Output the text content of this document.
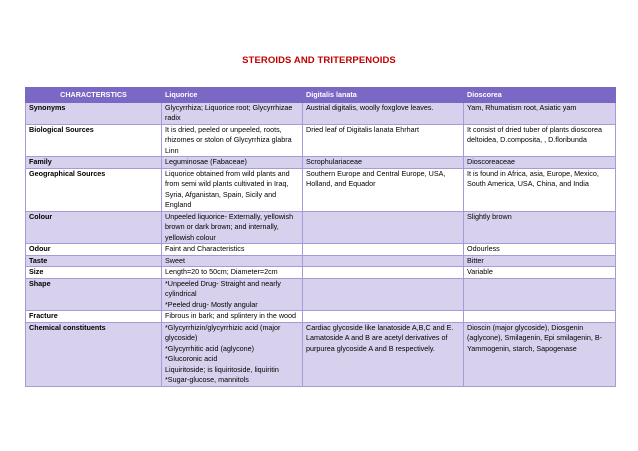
STEROIDS AND TRITERPENOIDS
CHARACTERSTICS	Liquorice	Digitalis lanata	Dioscorea
Synonyms	Glycyrrhiza; Liquorice root; Glycyrrhizae radix	Austrial digitalis, woolly foxglove leaves.	Yam, Rhumatism root, Asiatic yam
Biological Sources	It is dried, peeled or unpeeled, roots, rhizomes or stolon of Glycyrrhiza glabra Linn	Dried leaf of Digitalis lanata Ehrhart	It consist of dried tuber of plants dioscorea deltoidea, D.composita, , D.floribunda
Family	Leguminosae (Fabaceae)	Scrophulariaceae	Dioscoreaceae
Geographical Sources	Liquorice obtained from wild plants and from semi wild plants cultivated in Iraq, Syria, Afganistan, Spain, Sicily and England	Southern Europe and Central Europe, USA, Holland, and Equador	It is found in Africa, asia, Europe, Mexico, South America, USA, China, and India
Colour	Unpeeled liquorice- Externally, yellowish brown or dark brown; and internally, yellowish colour		Slightly brown
Odour	Faint and Characteristics		Odourless
Taste	Sweet		Bitter
Size	Length=20 to 50cm; Diameter=2cm		Variable
Shape	*Unpeeled Drug- Straight and nearly cylindrical
*Peeled drug- Mostly angular		
Fracture	Fibrous in bark; and splintery in the wood		
Chemical constituents	*Glycyrrhizin/glycyrrhizic acid (major glycoside)
*Glycyrrhitic acid (aglycone)
*Glucoronic acid
Liquiritoside; is liquiritoside, liquiritin
*Sugar-glucose, mannitols	Cardiac glycoside like lanatoside A,B,C and E. Lamatoside A and B are acetyl derivatives of purpurea glycoside A and B respectively.	Dioscin (major glycoside), Diosgenin (aglycone), Smilagenin, Epi smilagenin, B-Yammogenin, starch, Sapogenase
